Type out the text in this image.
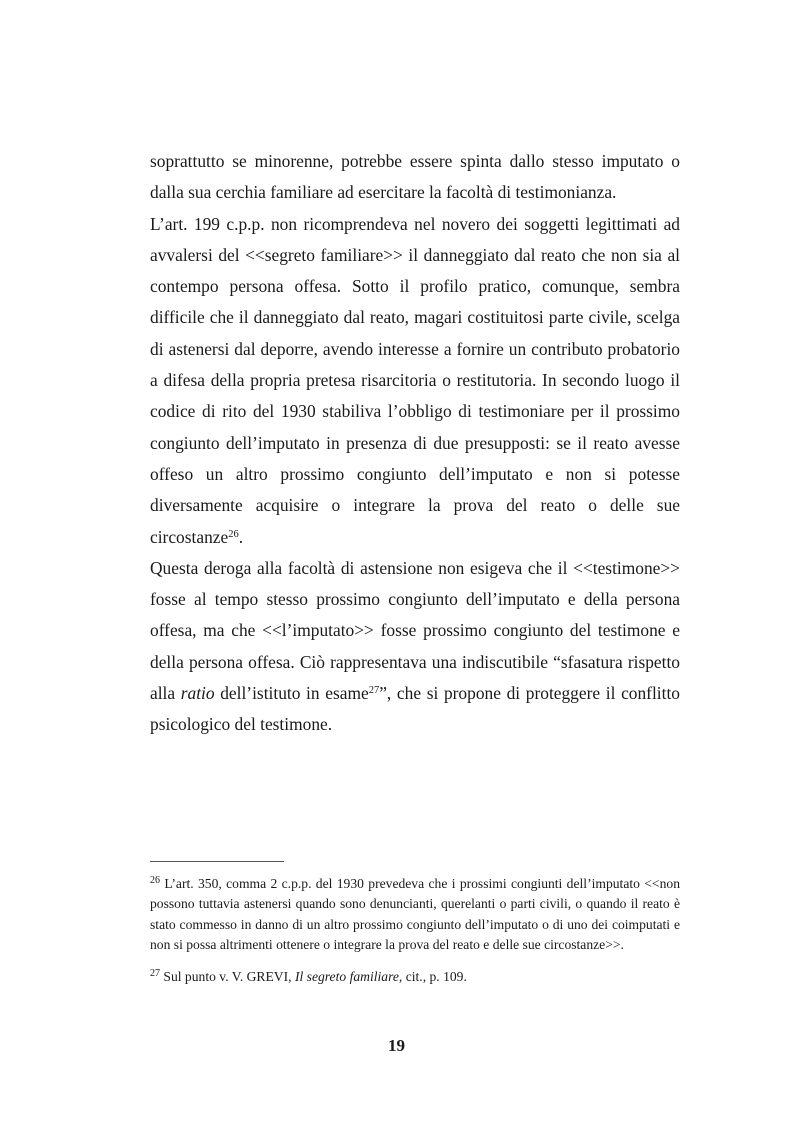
soprattutto se minorenne, potrebbe essere spinta dallo stesso imputato o dalla sua cerchia familiare ad esercitare la facoltà di testimonianza.

L’art. 199 c.p.p. non ricomprendeva nel novero dei soggetti legittimati ad avvalersi del <<segreto familiare>> il danneggiato dal reato che non sia al contempo persona offesa. Sotto il profilo pratico, comunque, sembra difficile che il danneggiato dal reato, magari costituitosi parte civile, scelga di astenersi dal deporre, avendo interesse a fornire un contributo probatorio a difesa della propria pretesa risarcitoria o restitutoria. In secondo luogo il codice di rito del 1930 stabiliva l’obbligo di testimoniare per il prossimo congiunto dell’imputato in presenza di due presupposti: se il reato avesse offeso un altro prossimo congiunto dell’imputato e non si potesse diversamente acquisire o integrare la prova del reato o delle sue circostanze$^{26}$.

Questa deroga alla facoltà di astensione non esigeva che il <<testimone>> fosse al tempo stesso prossimo congiunto dell’imputato e della persona offesa, ma che <<l’imputato>> fosse prossimo congiunto del testimone e della persona offesa. Ciò rappresentava una indiscutibile “sfasatura rispetto alla ratio dell’istituto in esame$^{27}$”, che si propone di proteggere il conflitto psicologico del testimone.

$^{26}$ L’art. 350, comma 2 c.p.p. del 1930 prevedeva che i prossimi congiunti dell’imputato <<non possono tuttavia astenersi quando sono denuncianti, querelanti o parti civili, o quando il reato è stato commesso in danno di un altro prossimo congiunto dell’imputato o di uno dei coimputati e non si possa altrimenti ottenere o integrare la prova del reato e delle sue circostanze>>.

$^{27}$ Sul punto v. V. GREVI, Il segreto familiare, cit., p. 109.

19
